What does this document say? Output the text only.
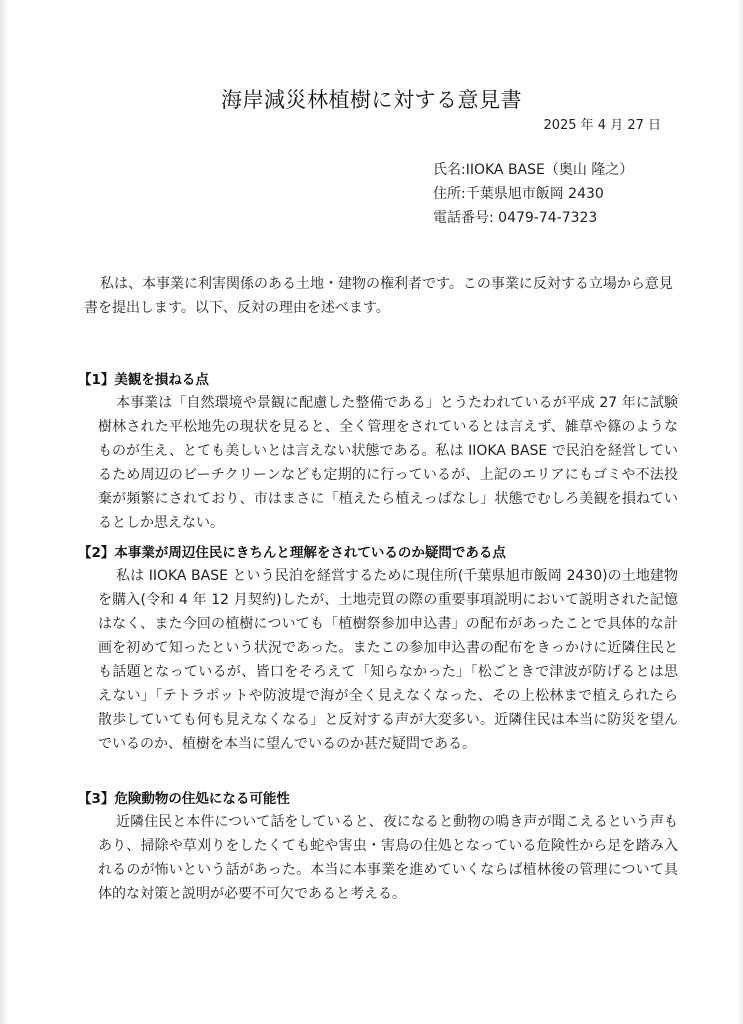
海岸減災林植樹に対する意見書
2025 年 4 月 27 日
氏名:IIOKA BASE（奥山 隆之）
住所:千葉県旭市飯岡 2430
電話番号: 0479-74-7323

私は、本事業に利害関係のある土地・建物の権利者です。この事業に反対する立場から意見書を提出します。以下、反対の理由を述べます。

【1】美観を損ねる点

本事業は「自然環境や景観に配慮した整備である」とうたわれているが平成 27 年に試験樹林された平松地先の現状を見ると、全く管理をされているとは言えず、雑草や篠のようなものが生え、とても美しいとは言えない状態である。私は IIOKA BASE で民泊を経営しているため周辺のビーチクリーンなども定期的に行っているが、上記のエリアにもゴミや不法投棄が頻繁にされており、市はまさに「植えたら植えっぱなし」状態でむしろ美観を損ねているとしか思えない。

【2】本事業が周辺住民にきちんと理解をされているのか疑問である点

私は IIOKA BASE という民泊を経営するために現住所(千葉県旭市飯岡 2430)の土地建物を購入(令和 4 年 12 月契約)したが、土地売買の際の重要事項説明において説明された記憶はなく、また今回の植樹についても「植樹祭参加申込書」の配布があったことで具体的な計画を初めて知ったという状況であった。またこの参加申込書の配布をきっかけに近隣住民とも話題となっているが、皆口をそろえて「知らなかった」「松ごときで津波が防げるとは思えない」「テトラポットや防波堤で海が全く見えなくなった、その上松林まで植えられたら散歩していても何も見えなくなる」と反対する声が大変多い。近隣住民は本当に防災を望んでいるのか、植樹を本当に望んでいるのか甚だ疑問である。

【3】危険動物の住処になる可能性

近隣住民と本件について話をしていると、夜になると動物の鳴き声が聞こえるという声もあり、掃除や草刈りをしたくても蛇や害虫・害鳥の住処となっている危険性から足を踏み入れるのが怖いという話があった。本当に本事業を進めていくならば植林後の管理について具体的な対策と説明が必要不可欠であると考える。
